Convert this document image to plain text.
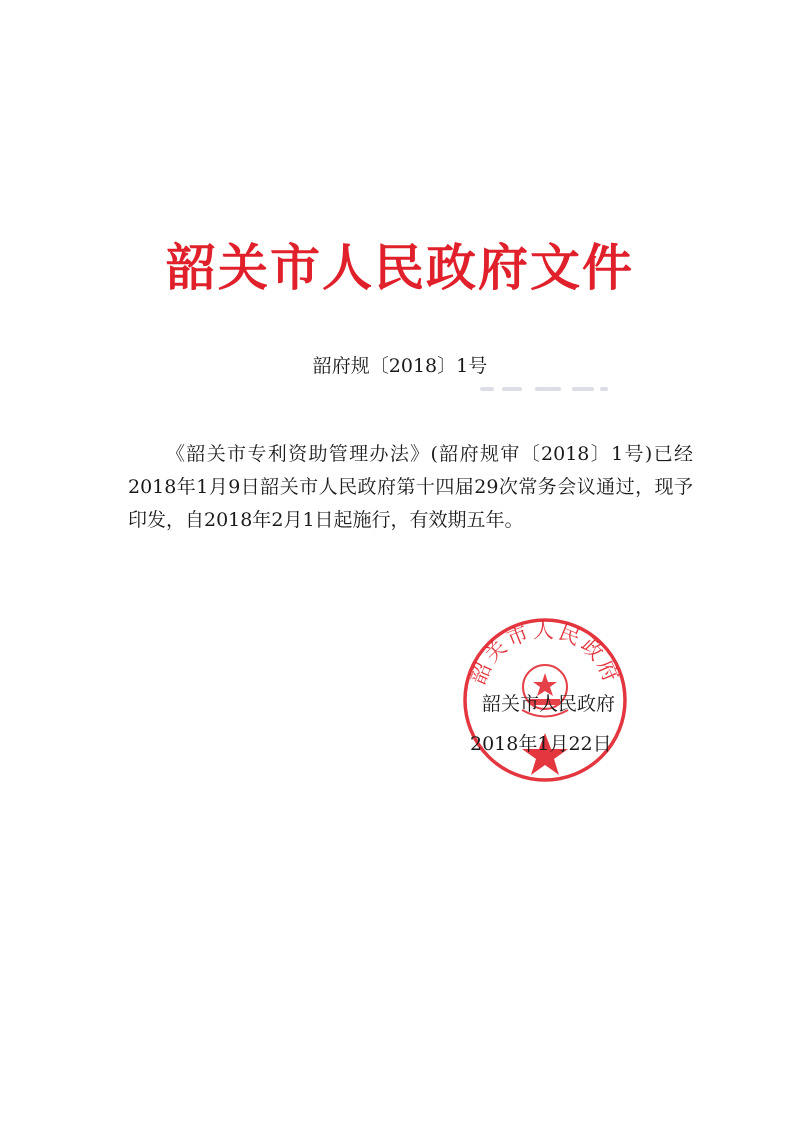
韶关市人民政府文件
韶府规〔2018〕1号

《韶关市专利资助管理办法》(韶府规审〔2018〕1号)已经2018年1月9日韶关市人民政府第十四届29次常务会议通过，现予印发，自2018年2月1日起施行，有效期五年。

韶关市人民政府
韶关市人民政府
2018年1月22日
